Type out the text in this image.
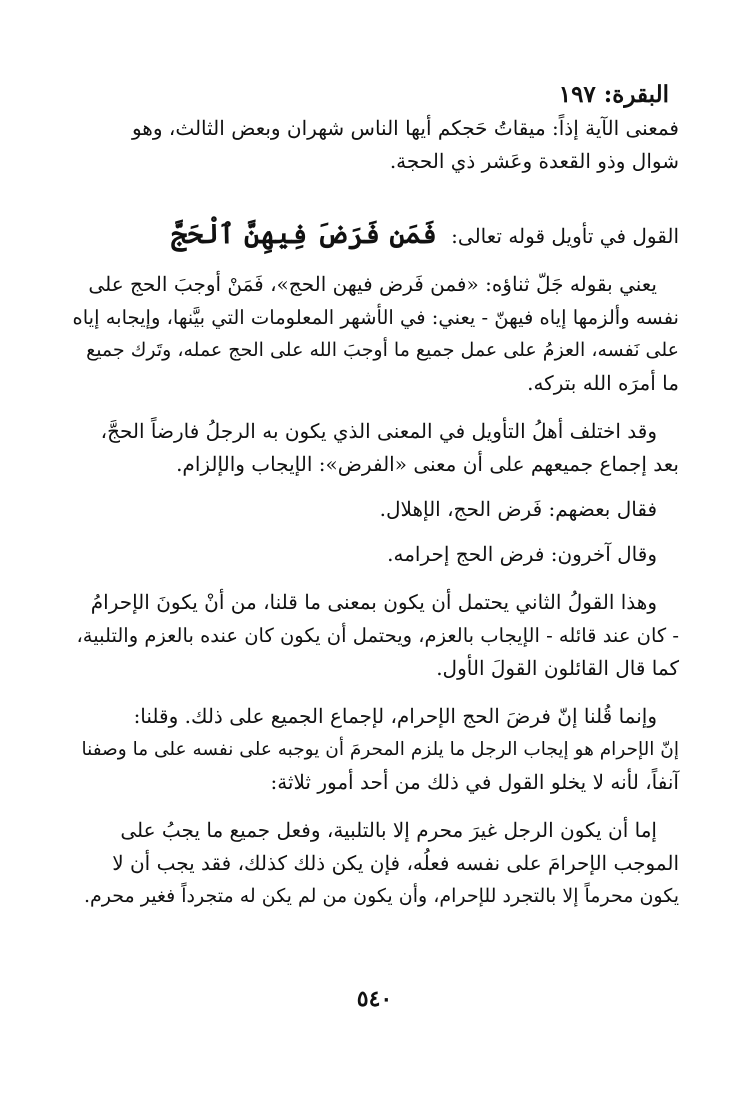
البقرة: ١٩٧
فمعنى الآية إذاً: ميقاتُ حَجكم أيها الناس شهران وبعض الثالث، وهو
شوال وذو القعدة وعَشر ذي الحجة.
القول في تأويل قوله تعالى: فَمَن فَرَضَ فِيهِنَّ ٱلْحَجَّ
يعني بقوله جَلّ ثناؤه: «فمن فَرض فيهن الحج»، فَمَنْ أوجبَ الحج على
نفسه وألزمها إياه فيهنّ - يعني: في الأشهر المعلومات التي بيَّنها، وإيجابه إياه
على نَفسه، العزمُ على عمل جميع ما أوجبَ الله على الحج عمله، وتَرك جميع
ما أمرَه الله بتركه.
وقد اختلف أهلُ التأويل في المعنى الذي يكون به الرجلُ فارضاً الحجَّ،
بعد إجماع جميعهم على أن معنى «الفرض»: الإيجاب والإلزام.
فقال بعضهم: فَرض الحج، الإهلال.
وقال آخرون: فرض الحج إحرامه.
وهذا القولُ الثاني يحتمل أن يكون بمعنى ما قلنا، من أنْ يكونَ الإحرامُ
- كان عند قائله - الإيجاب بالعزم، ويحتمل أن يكون كان عنده بالعزم والتلبية،
كما قال القائلون القولَ الأول.
وإنما قُلنا إنّ فرضَ الحج الإحرام، لإجماع الجميع على ذلك. وقلنا:
إنّ الإحرام هو إيجاب الرجل ما يلزم المحرمَ أن يوجبه على نفسه على ما وصفنا
آنفاً، لأنه لا يخلو القول في ذلك من أحد أمور ثلاثة:
إما أن يكون الرجل غيرَ محرم إلا بالتلبية، وفعل جميع ما يجبُ على
الموجب الإحرامَ على نفسه فعلُه، فإن يكن ذلك كذلك، فقد يجب أن لا
يكون محرماً إلا بالتجرد للإحرام، وأن يكون من لم يكن له متجرداً فغير محرم.
٥٤٠
